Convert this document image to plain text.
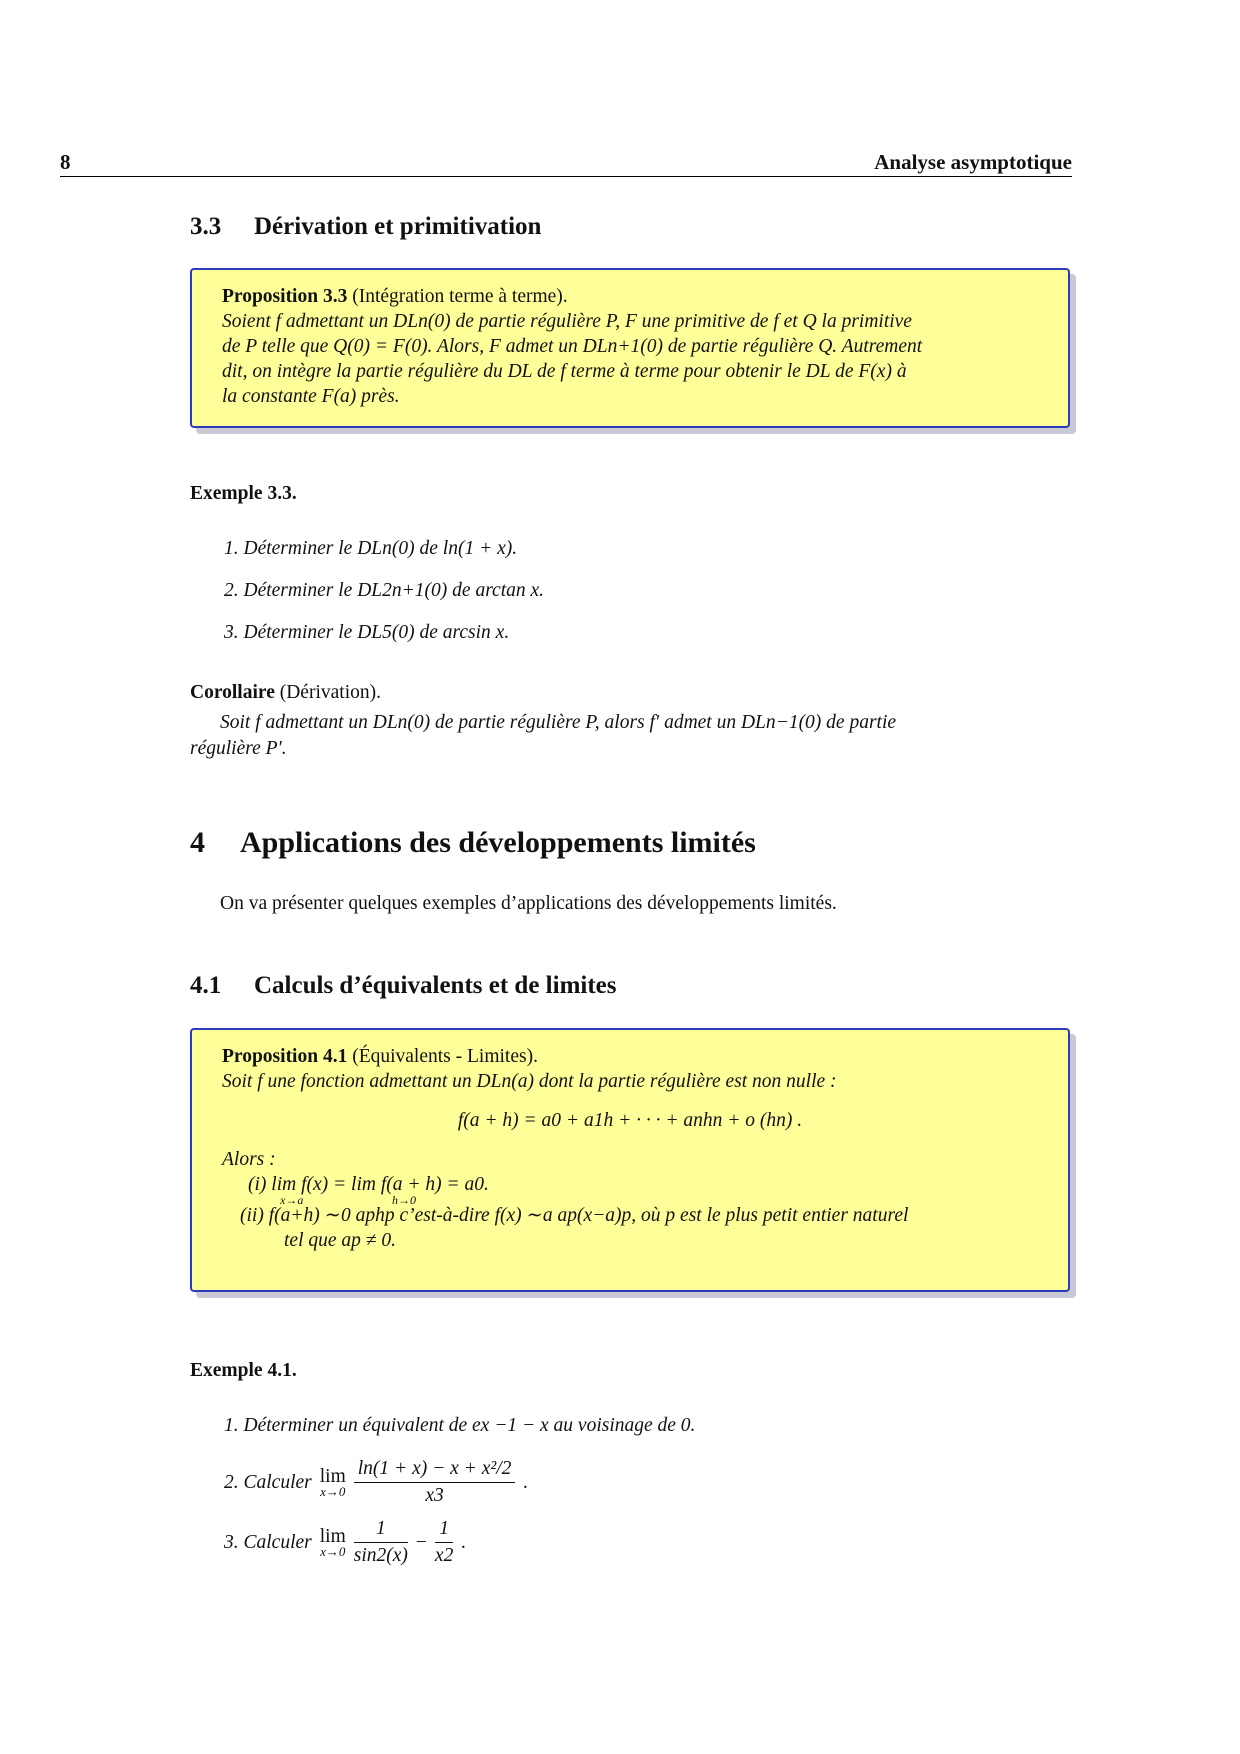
8	Analyse asymptotique
3.3 Dérivation et primitivation
Proposition 3.3 (Intégration terme à terme).
Soient f admettant un DLn(0) de partie régulière P, F une primitive de f et Q la primitive
de P telle que Q(0) = F(0). Alors, F admet un DLn+1(0) de partie régulière Q. Autrement
dit, on intègre la partie régulière du DL de f terme à terme pour obtenir le DL de F(x) à
la constante F(a) près.
Exemple 3.3.
1. Déterminer le DLn(0) de ln(1 + x).
2. Déterminer le DL2n+1(0) de arctan x.
3. Déterminer le DL5(0) de arcsin x.
Corollaire (Dérivation).
Soit f admettant un DLn(0) de partie régulière P, alors f′ admet un DLn−1(0) de partie
régulière P′.
4 Applications des développements limités
On va présenter quelques exemples d’applications des développements limités.
4.1 Calculs d’équivalents et de limites
Proposition 4.1 (Équivalents - Limites).
Soit f une fonction admettant un DLn(a) dont la partie régulière est non nulle :
f(a + h) = a0 + a1h + · · · + anhn + o (hn) .
Alors :
(i) lim f(x) = lim f(a + h) = a0.
x→a	h→0
(ii) f(a+h) ∼0 aphp c’est-à-dire f(x) ∼a ap(x−a)p, où p est le plus petit entier naturel
tel que ap ≠ 0.
Exemple 4.1.
1. Déterminer un équivalent de ex −1 − x au voisinage de 0.
2. Calculer lim
$x\to 0 \frac{\text{ln(1 + x) − x + x²/2}}{x3}$ .
3. Calculer lim
$x\to 0 \frac{1}{\sin 2(x)} - \frac{1}{x2}$ .
